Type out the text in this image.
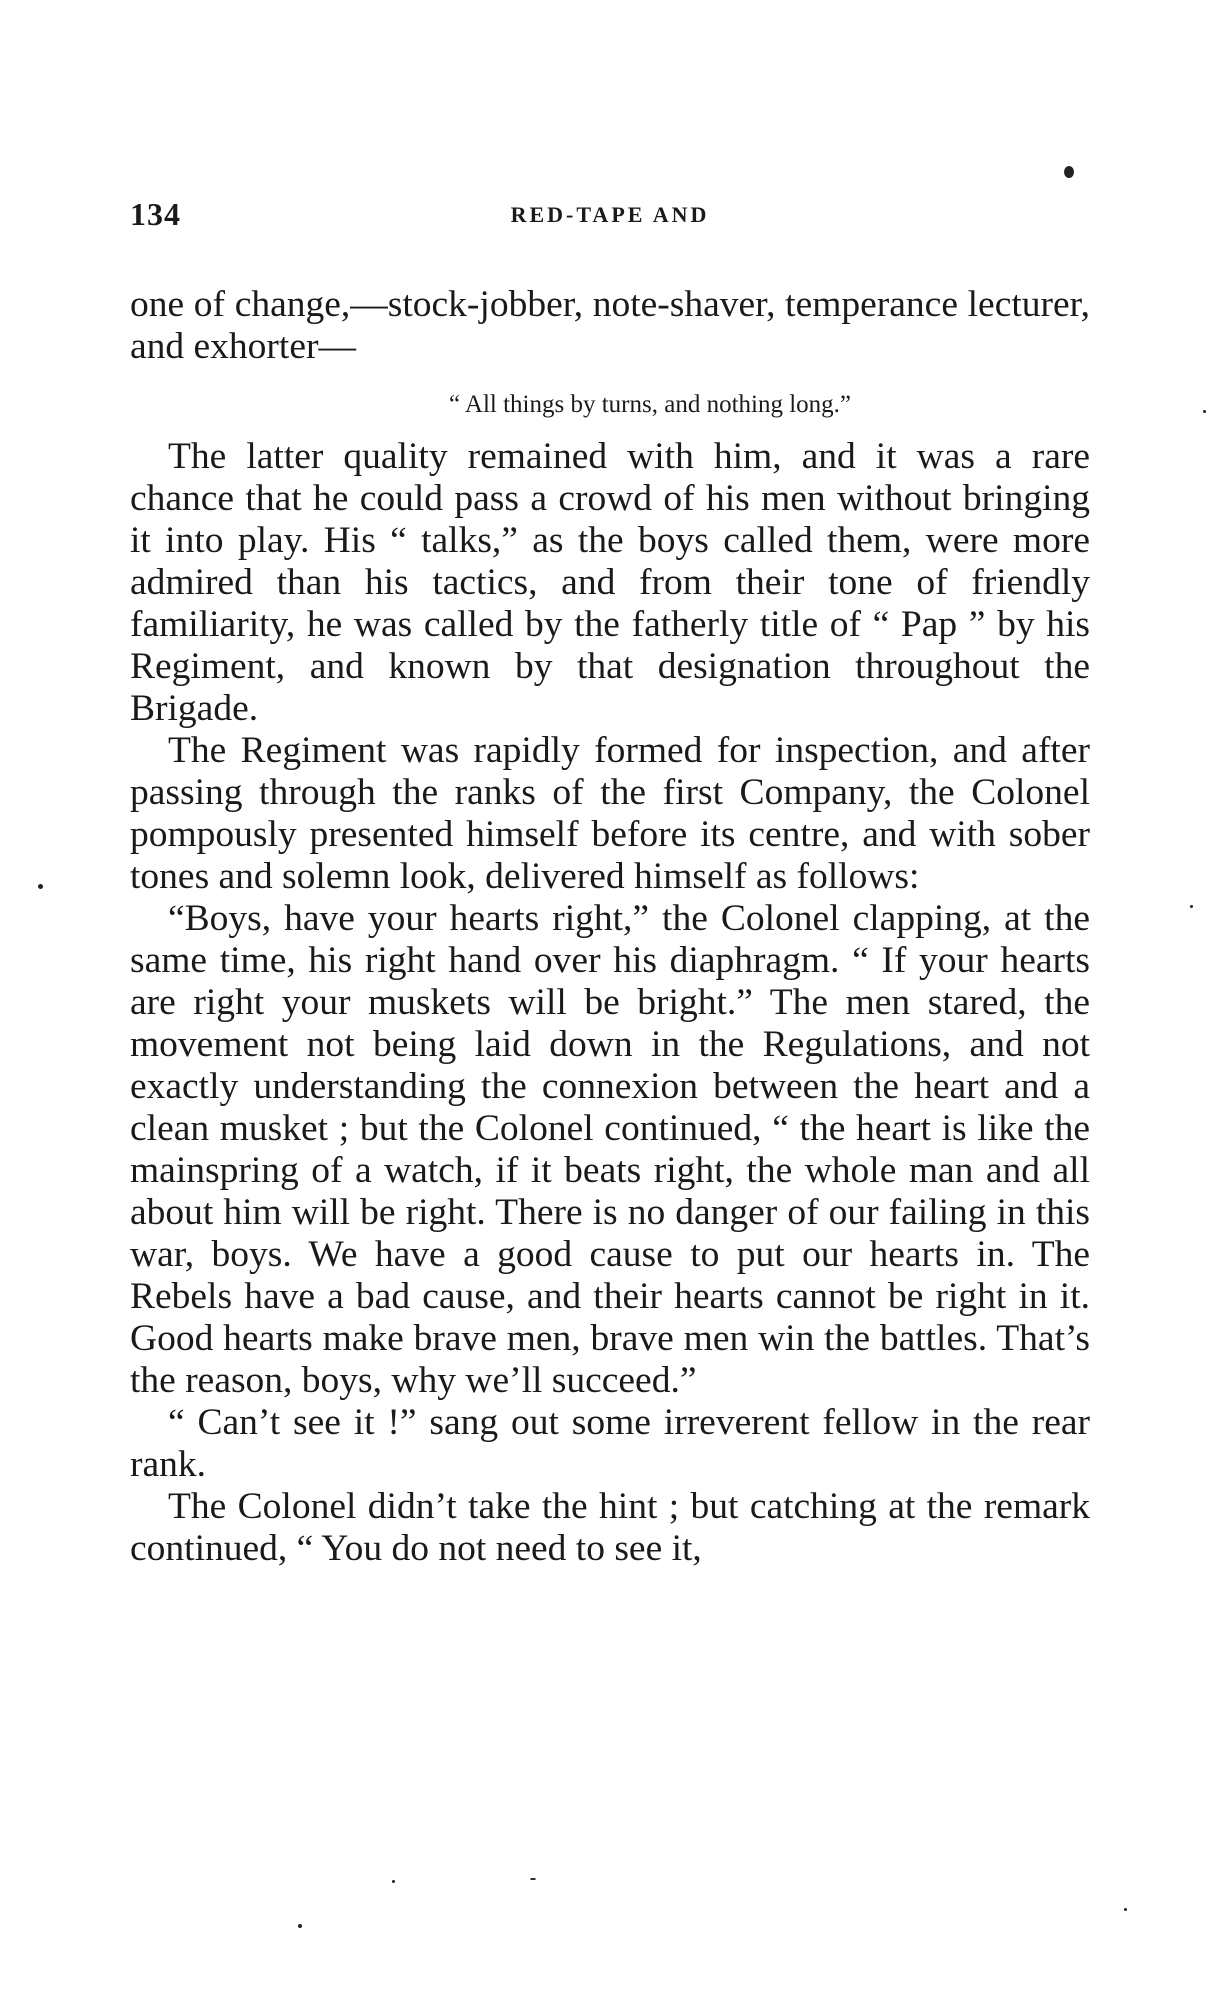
134	RED-TAPE AND

one of change,—stock-jobber, note-shaver, temperance lecturer, and exhorter—

“ All things by turns, and nothing long.”

The latter quality remained with him, and it was a rare chance that he could pass a crowd of his men without bringing it into play. His “ talks,” as the boys called them, were more admired than his tactics, and from their tone of friendly familiarity, he was called by the fatherly title of “ Pap ” by his Regiment, and known by that designation throughout the Brigade.

The Regiment was rapidly formed for inspection, and after passing through the ranks of the first Company, the Colonel pompously presented himself before its centre, and with sober tones and solemn look, delivered himself as follows:

“Boys, have your hearts right,” the Colonel clapping, at the same time, his right hand over his diaphragm. “ If your hearts are right your muskets will be bright.” The men stared, the movement not being laid down in the Regulations, and not exactly understanding the connexion between the heart and a clean musket ; but the Colonel continued, “ the heart is like the mainspring of a watch, if it beats right, the whole man and all about him will be right. There is no danger of our failing in this war, boys. We have a good cause to put our hearts in. The Rebels have a bad cause, and their hearts cannot be right in it. Good hearts make brave men, brave men win the battles. That’s the reason, boys, why we’ll succeed.”

“ Can’t see it !” sang out some irreverent fellow in the rear rank.

The Colonel didn’t take the hint ; but catching at the remark continued, “ You do not need to see it,
